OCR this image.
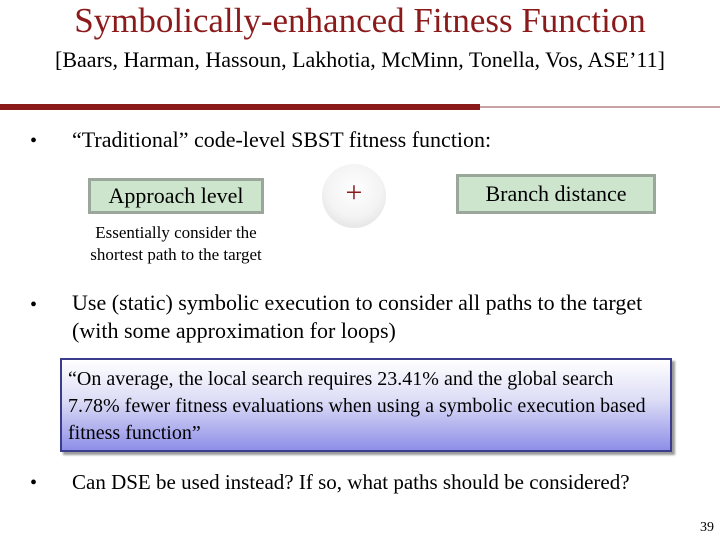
Symbolically-enhanced Fitness Function
[Baars, Harman, Hassoun, Lakhotia, McMinn, Tonella, Vos, ASE’11]
• “Traditional” code-level SBST fitness function:
Approach level	+	Branch distance
Essentially consider the shortest path to the target
• Use (static) symbolic execution to consider all paths to the target (with some approximation for loops)
“On average, the local search requires 23.41% and the global search 7.78% fewer fitness evaluations when using a symbolic execution based fitness function”
• Can DSE be used instead? If so, what paths should be considered?
39
